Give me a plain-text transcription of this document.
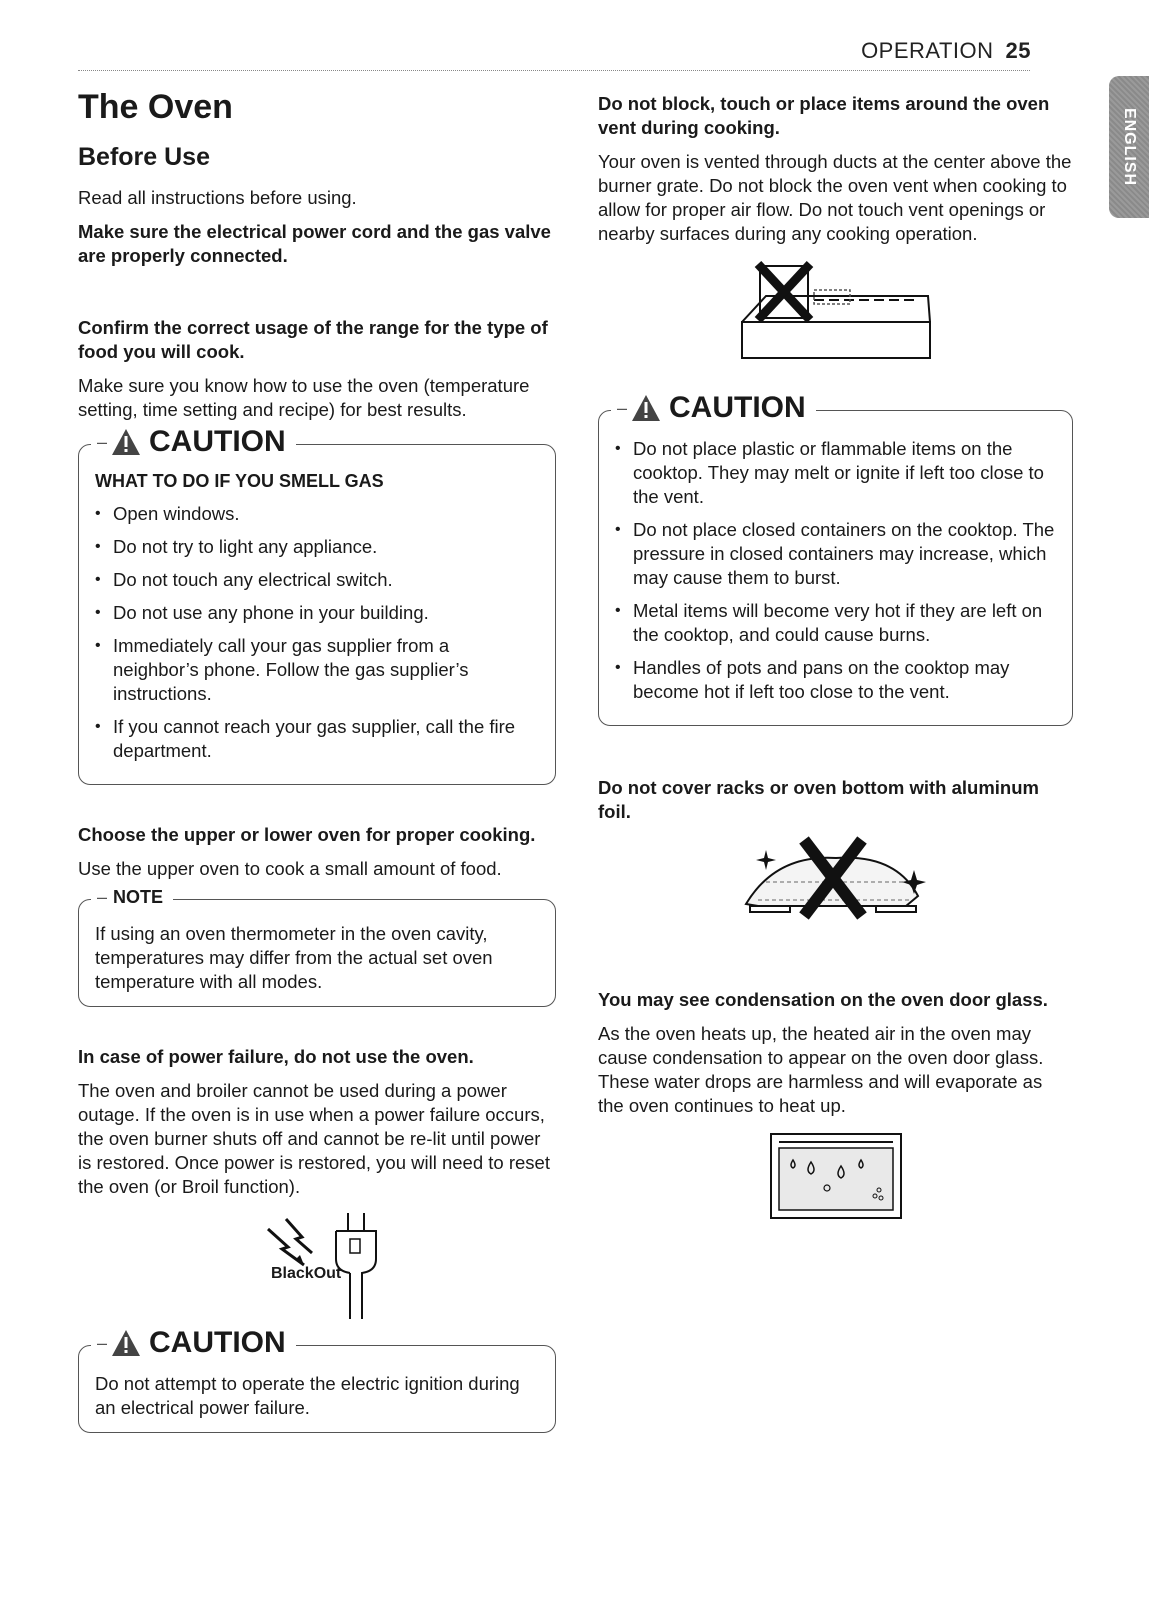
OPERATION 25
ENGLISH
The Oven
Before Use
Read all instructions before using.
Make sure the electrical power cord and the gas valve are properly connected.
Confirm the correct usage of the range for the type of food you will cook.
Make sure you know how to use the oven (temperature setting, time setting and recipe) for best results.
– CAUTION
WHAT TO DO IF YOU SMELL GAS
• Open windows.
• Do not try to light any appliance.
• Do not touch any electrical switch.
• Do not use any phone in your building.
• Immediately call your gas supplier from a neighbor’s phone. Follow the gas supplier’s instructions.
• If you cannot reach your gas supplier, call the fire department.
Choose the upper or lower oven for proper cooking.
Use the upper oven to cook a small amount of food.
– NOTE
If using an oven thermometer in the oven cavity, temperatures may differ from the actual set oven temperature with all modes.
In case of power failure, do not use the oven.
The oven and broiler cannot be used during a power outage. If the oven is in use when a power failure occurs, the oven burner shuts off and cannot be re-lit until power is restored. Once power is restored, you will need to reset the oven (or Broil function).
BlackOut
– CAUTION
Do not attempt to operate the electric ignition during an electrical power failure.
Do not block, touch or place items around the oven vent during cooking.
Your oven is vented through ducts at the center above the burner grate. Do not block the oven vent when cooking to allow for proper air flow. Do not touch vent openings or nearby surfaces during any cooking operation.
– CAUTION
• Do not place plastic or flammable items on the cooktop. They may melt or ignite if left too close to the vent.
• Do not place closed containers on the cooktop. The pressure in closed containers may increase, which may cause them to burst.
• Metal items will become very hot if they are left on the cooktop, and could cause burns.
• Handles of pots and pans on the cooktop may become hot if left too close to the vent.
Do not cover racks or oven bottom with aluminum foil.
You may see condensation on the oven door glass.
As the oven heats up, the heated air in the oven may cause condensation to appear on the oven door glass. These water drops are harmless and will evaporate as the oven continues to heat up.
